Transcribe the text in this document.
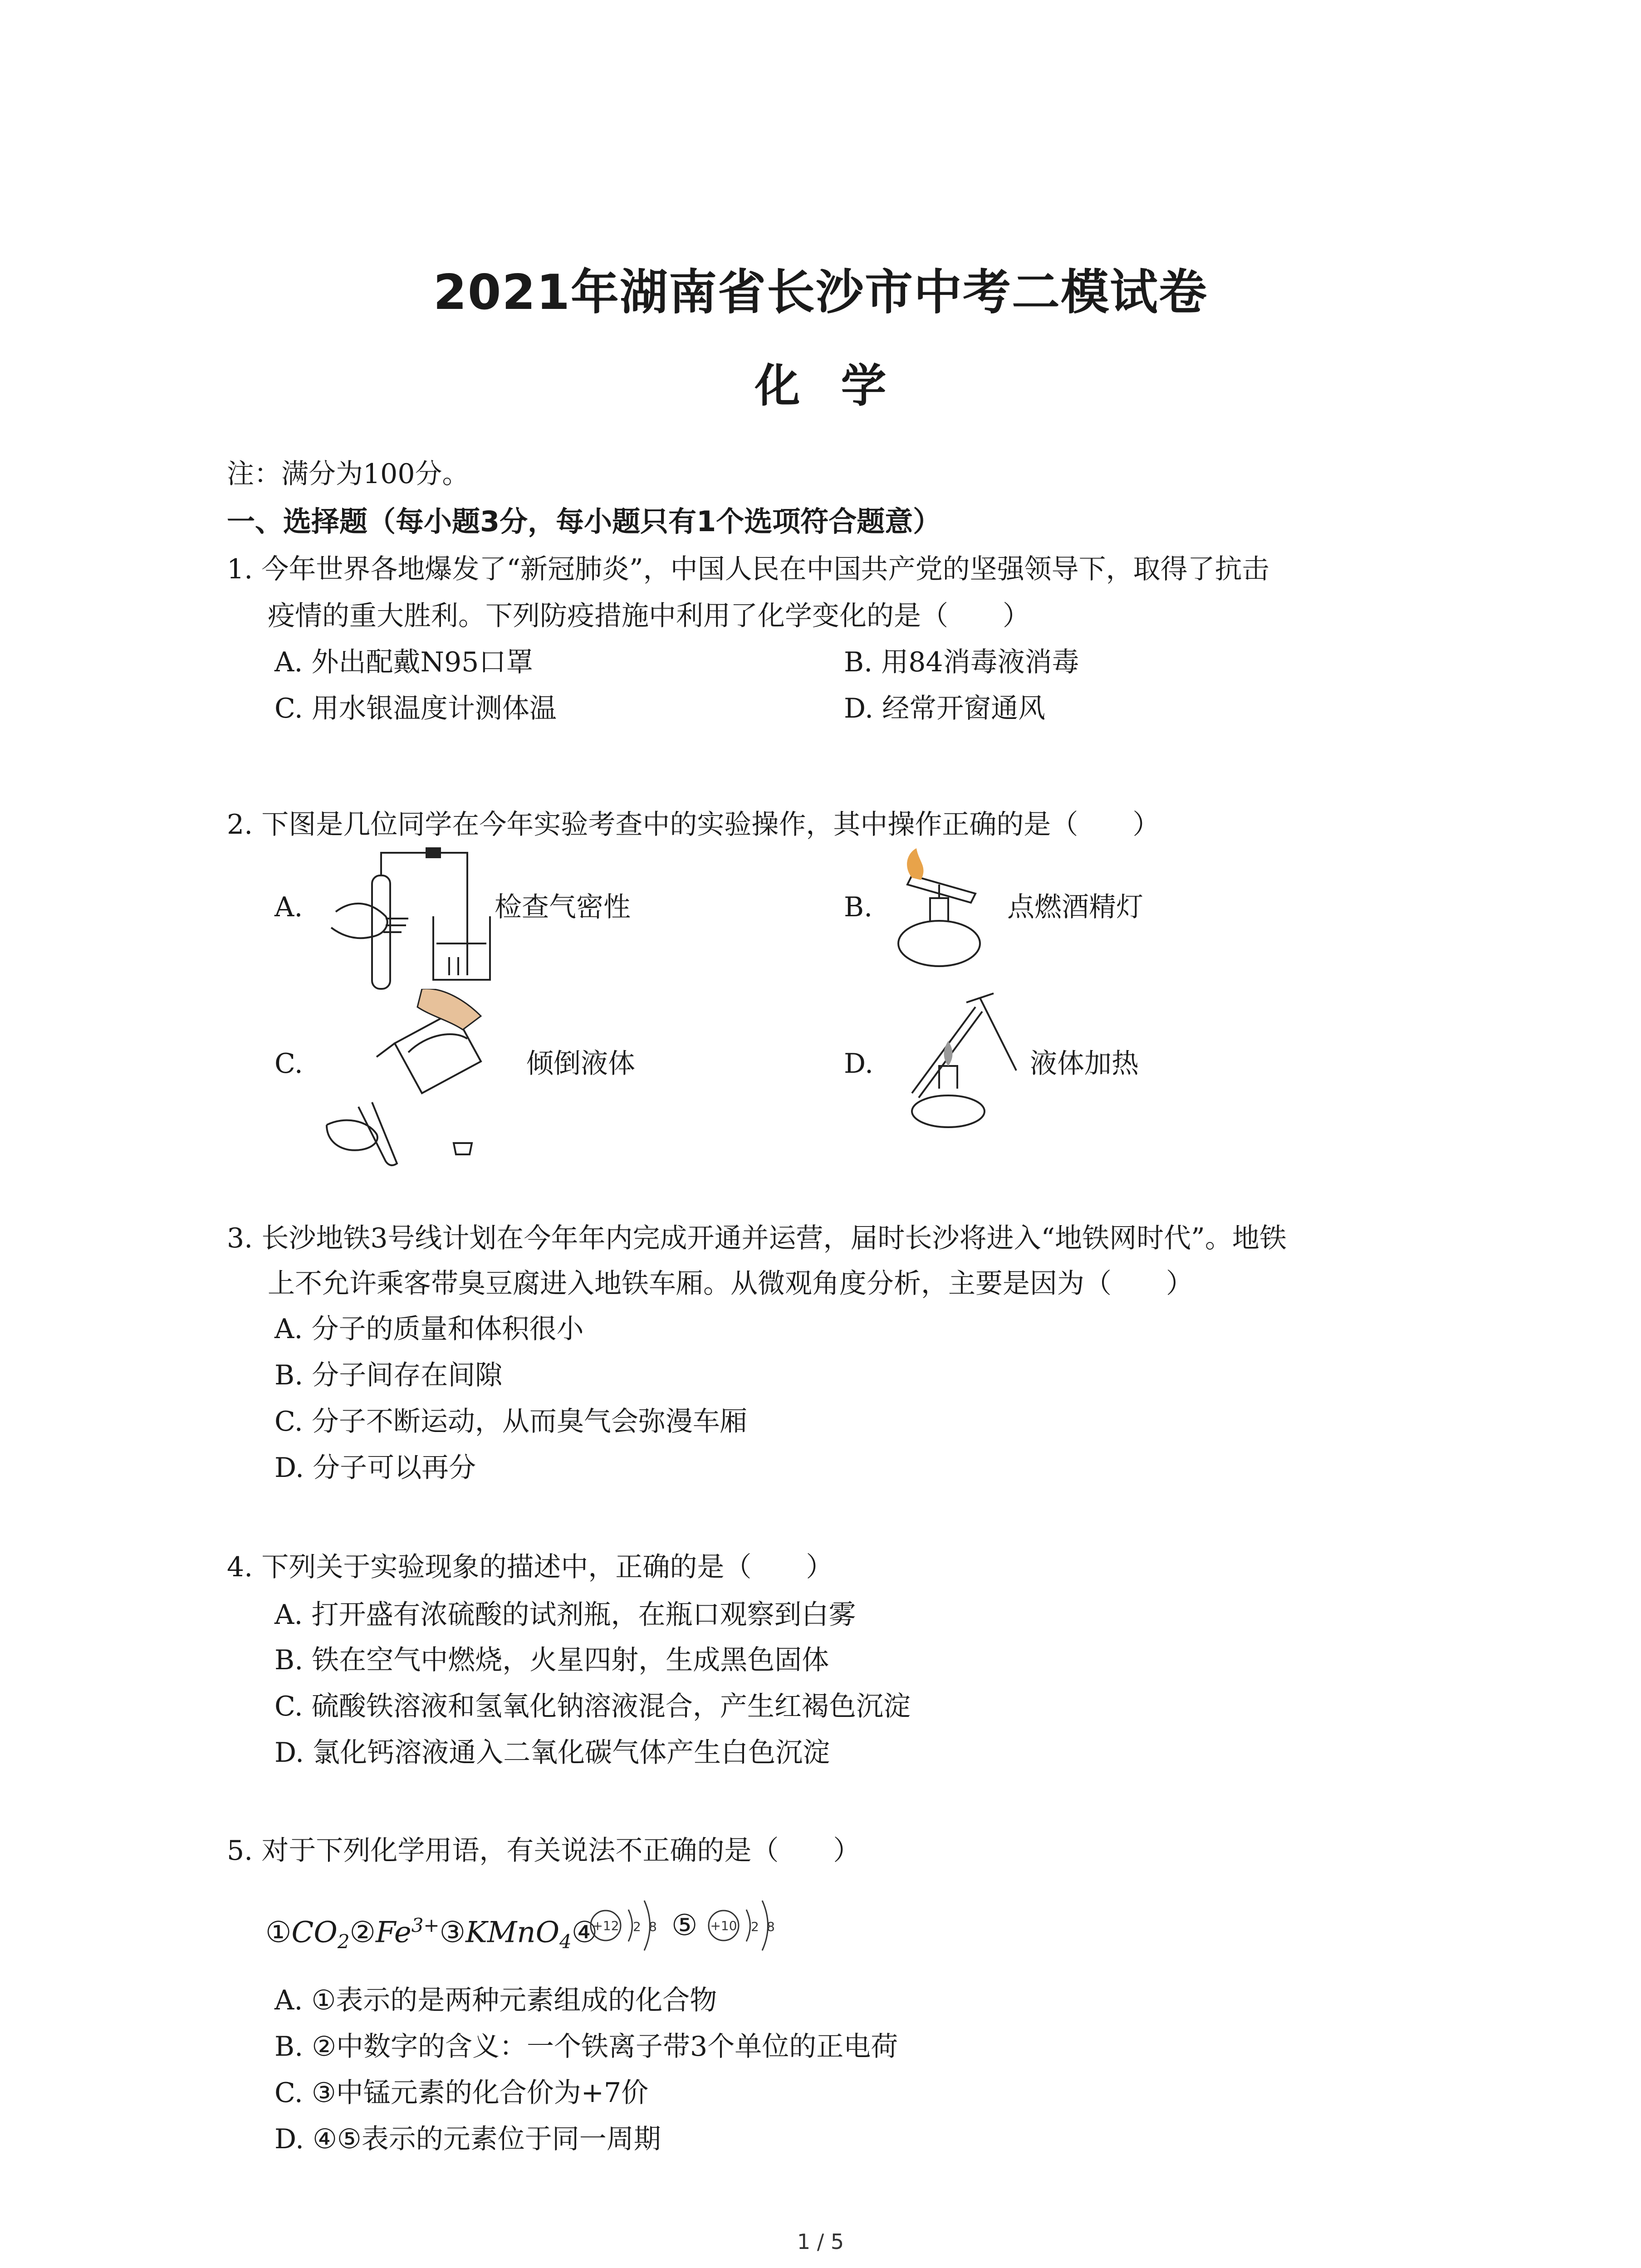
2021年湖南省长沙市中考二模试卷
化学

注：满分为100分。

一、选择题（每小题3分，每小题只有1个选项符合题意）

1. 今年世界各地爆发了“新冠肺炎”，中国人民在中国共产党的坚强领导下，取得了抗击

疫情的重大胜利。下列防疫措施中利用了化学变化的是（　　）

A. 外出配戴N95口罩	B. 用84消毒液消毒

C. 用水银温度计测体温	D. 经常开窗通风

2. 下图是几位同学在今年实验考查中的实验操作，其中操作正确的是（　　）

A.	检查气密性	B.	点燃酒精灯
C.	倾倒液体	D.	液体加热

3. 长沙地铁3号线计划在今年年内完成开通并运营，届时长沙将进入“地铁网时代”。地铁

上不允许乘客带臭豆腐进入地铁车厢。从微观角度分析，主要是因为（　　）

A. 分子的质量和体积很小

B. 分子间存在间隙

C. 分子不断运动，从而臭气会弥漫车厢

D. 分子可以再分

4. 下列关于实验现象的描述中，正确的是（　　）

A. 打开盛有浓硫酸的试剂瓶，在瓶口观察到白雾

B. 铁在空气中燃烧，火星四射，生成黑色固体

C. 硫酸铁溶液和氢氧化钠溶液混合，产生红褐色沉淀

D. 氯化钙溶液通入二氧化碳气体产生白色沉淀

5. 对于下列化学用语，有关说法不正确的是（　　）

$①CO_2②Fe^{3+}③KMnO_4④$
+12 2 8 ⑤ +10 2 8

A. ①表示的是两种元素组成的化合物

B. ②中数字的含义：一个铁离子带3个单位的正电荷

C. ③中锰元素的化合价为+7价

D. ④⑤表示的元素位于同一周期

1 / 5
